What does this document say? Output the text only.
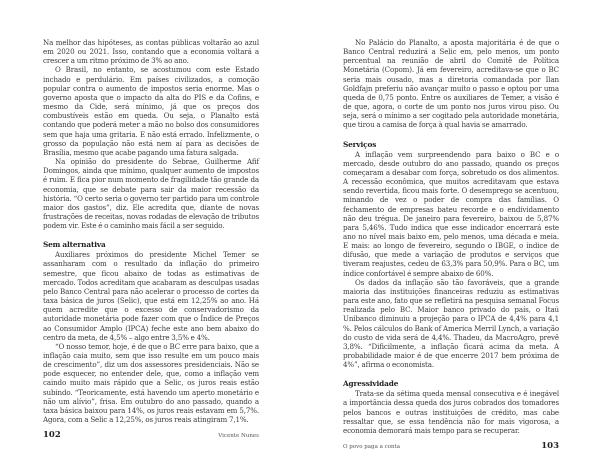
Na melhor das hipóteses, as contas públicas voltarão ao azul em 2020 ou 2021. Isso, contando que a economia voltará a crescer a um ritmo próximo de 3% ao ano.

O Brasil, no entanto, se acostumou com este Estado inchado e perdulário. Em países civilizados, a comoção popular contra o aumento de impostos seria enorme. Mas o governo aposta que o impacto da alta do PIS e da Cofins, e mesmo da Cide, será mínimo, já que os preços dos combustíveis estão em queda. Ou seja, o Planalto está contando que poderá meter a mão no bolso dos consumidores sem que haja uma gritaria. E não está errado. Infelizmente, o grosso da população não está nem aí para as decisões de Brasília, mesmo que acabe pagando uma fatura salgada.

Na opinião do presidente do Sebrae, Guilherme Afif Domingos, ainda que mínimo, qualquer aumento de impostos é ruim. E fica pior num momento de fragilidade tão grande da economia, que se debate para sair da maior recessão da história. “O certo seria o governo ter partido para um controle maior dos gastos”, diz. Ele acredita que, diante de novas frustrações de receitas, novas rodadas de elevação de tributos podem vir. Este é o caminho mais fácil a ser seguido.

Sem alternativa

Auxiliares próximos do presidente Michel Temer se assanharam com o resultado da inflação do primeiro semestre, que ficou abaixo de todas as estimativas de mercado. Todos acreditam que acabaram as desculpas usadas pelo Banco Central para não acelerar o processo de cortes da taxa básica de juros (Selic), que está em 12,25% ao ano. Há quem acredite que o excesso de conservadorismo da autoridade monetária pode fazer com que o Índice de Preços ao Consumidor Amplo (IPCA) feche este ano bem abaixo do centro da meta, de 4,5% – algo entre 3,5% e 4%.

“O nosso temor, hoje, é de que o BC erre para baixo, que a inflação caia muito, sem que isso resulte em um pouco mais de crescimento”, diz um dos assessores presidenciais. Não se pode esquecer, no entender dele, que, como a inflação vem caindo muito mais rápido que a Selic, os juros reais estão subindo. “Teoricamente, está havendo um aperto monetário e não um alívio”, frisa. Em outubro do ano passado, quando a taxa básica baixou para 14%, os juros reais estavam em 5,7%. Agora, com a Selic a 12,25%, os juros reais atingiram 7,1%.

102	Vicente Nunes

No Palácio do Planalto, a aposta majoritária é de que o Banco Central reduzirá a Selic em, pelo menos, um ponto percentual na reunião de abril do Comitê de Política Monetária (Copom). Já em fevereiro, acreditava-se que o BC seria mais ousado, mas a diretoria comandada por Ilan Goldfajn preferiu não avançar muito o passo e optou por uma queda de 0,75 ponto. Entre os auxiliares de Temer, a visão é de que, agora, o corte de um ponto nos juros virou piso. Ou seja, será o mínimo a ser cogitado pela autoridade monetária, que tirou a camisa de força à qual havia se amarrado.

Serviços

A inflação vem surpreendendo para baixo o BC e o mercado, desde outubro do ano passado, quando os preços começaram a desabar com força, sobretudo os dos alimentos. A recessão econômica, que muitos acreditavam que estava sendo revertida, ficou mais forte. O desemprego se acentuou, minando de vez o poder de compra das famílias. O fechamento de empresas bateu recorde e o endividamento não deu trégua. De janeiro para fevereiro, baixou de 5,87% para 5,46%. Tudo indica que esse indicador encerrará este ano no nível mais baixo em, pelo menos, uma década e meia. E mais: ao longo de fevereiro, segundo o IBGE, o índice de difusão, que mede a variação de produtos e serviços que tiveram reajustes, cedeu de 63,3% para 50,9%. Para o BC, um índice confortável é sempre abaixo de 60%.

Os dados da inflação são tão favoráveis, que a grande maioria das instituições financeiras reduziu as estimativas para este ano, fato que se refletirá na pesquisa semanal Focus realizada pelo BC. Maior banco privado do país, o Itaú Unibanco diminuiu a projeção para o IPCA de 4,4% para 4,1 %. Pelos cálculos do Bank of America Merril Lynch, a variação do custo de vida será de 4,4%. Thadeu, da MacroAgro, prevê 3,8%. “Dificilmente, a inflação ficará acima da meta. A probabilidade maior é de que encerre 2017 bem próxima de 4%”, afirma o economista.

Agressividade

Trata-se da sétima queda mensal consecutiva e é inegável a importância dessa queda dos juros cobrados dos tomadores pelos bancos e outras instituições de crédito, mas cabe ressaltar que, se essa tendência não for mais vigorosa, a economia demorará mais tempo para se recuperar.

O povo paga a conta	103
